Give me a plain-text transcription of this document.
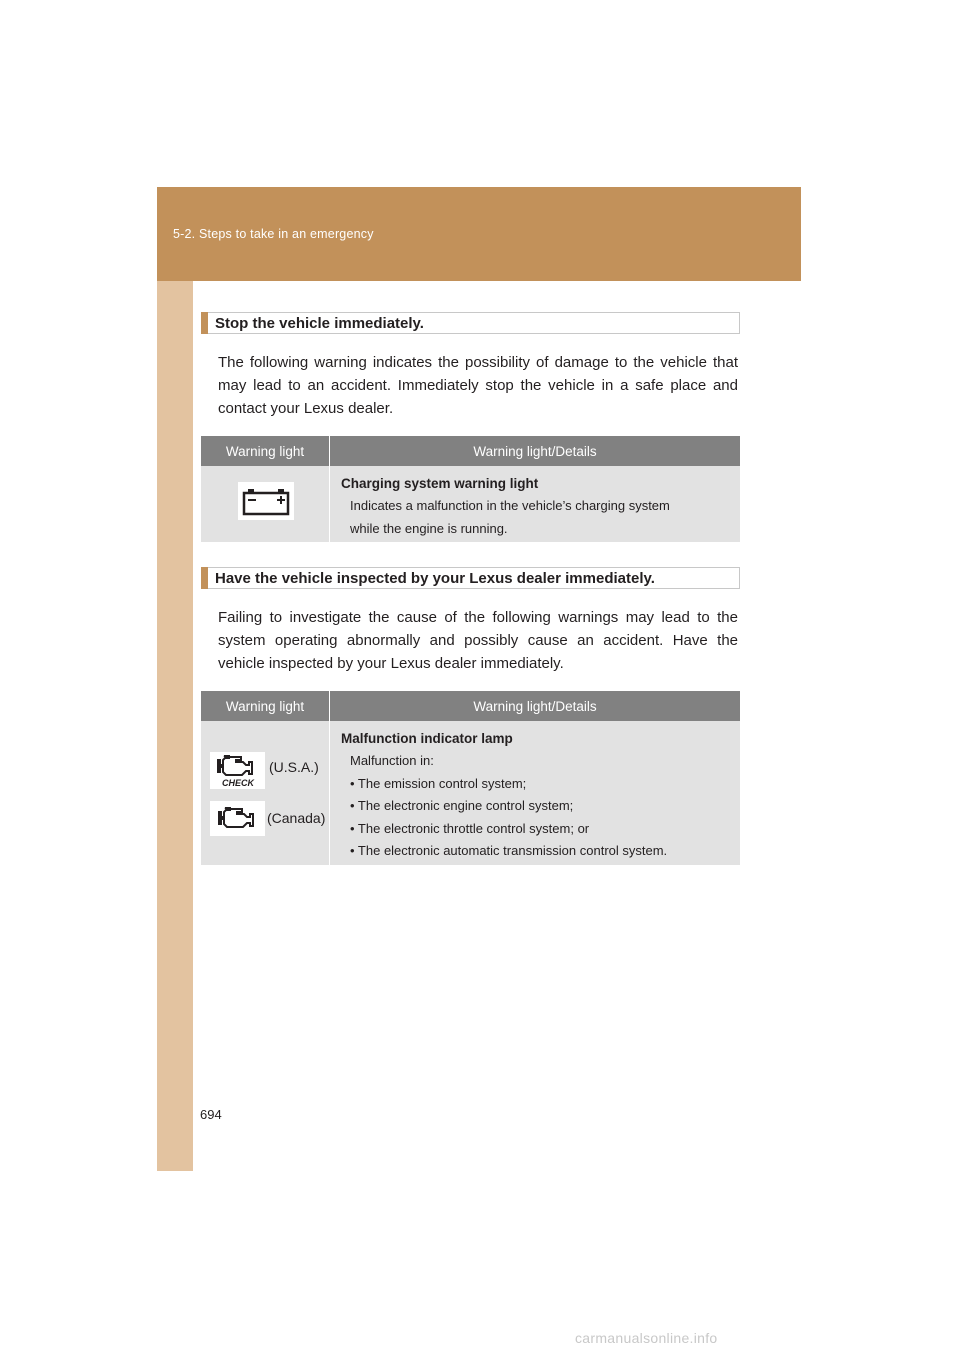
5-2. Steps to take in an emergency
Stop the vehicle immediately.
The following warning indicates the possibility of damage to the vehicle that may lead to an accident. Immediately stop the vehicle in a safe place and contact your Lexus dealer.
Warning light	Warning light/Details
Charging system warning light
Indicates a malfunction in the vehicle’s charging system
while the engine is running.
Have the vehicle inspected by your Lexus dealer immediately.
Failing to investigate the cause of the following warnings may lead to the system operating abnormally and possibly cause an accident. Have the vehicle inspected by your Lexus dealer immediately.
Warning light	Warning light/Details
CHECK
(U.S.A.)
(Canada)
Malfunction indicator lamp
Malfunction in:
• The emission control system;
• The electronic engine control system;
• The electronic throttle control system; or
• The electronic automatic transmission control system.
694
carmanualsonline.info
